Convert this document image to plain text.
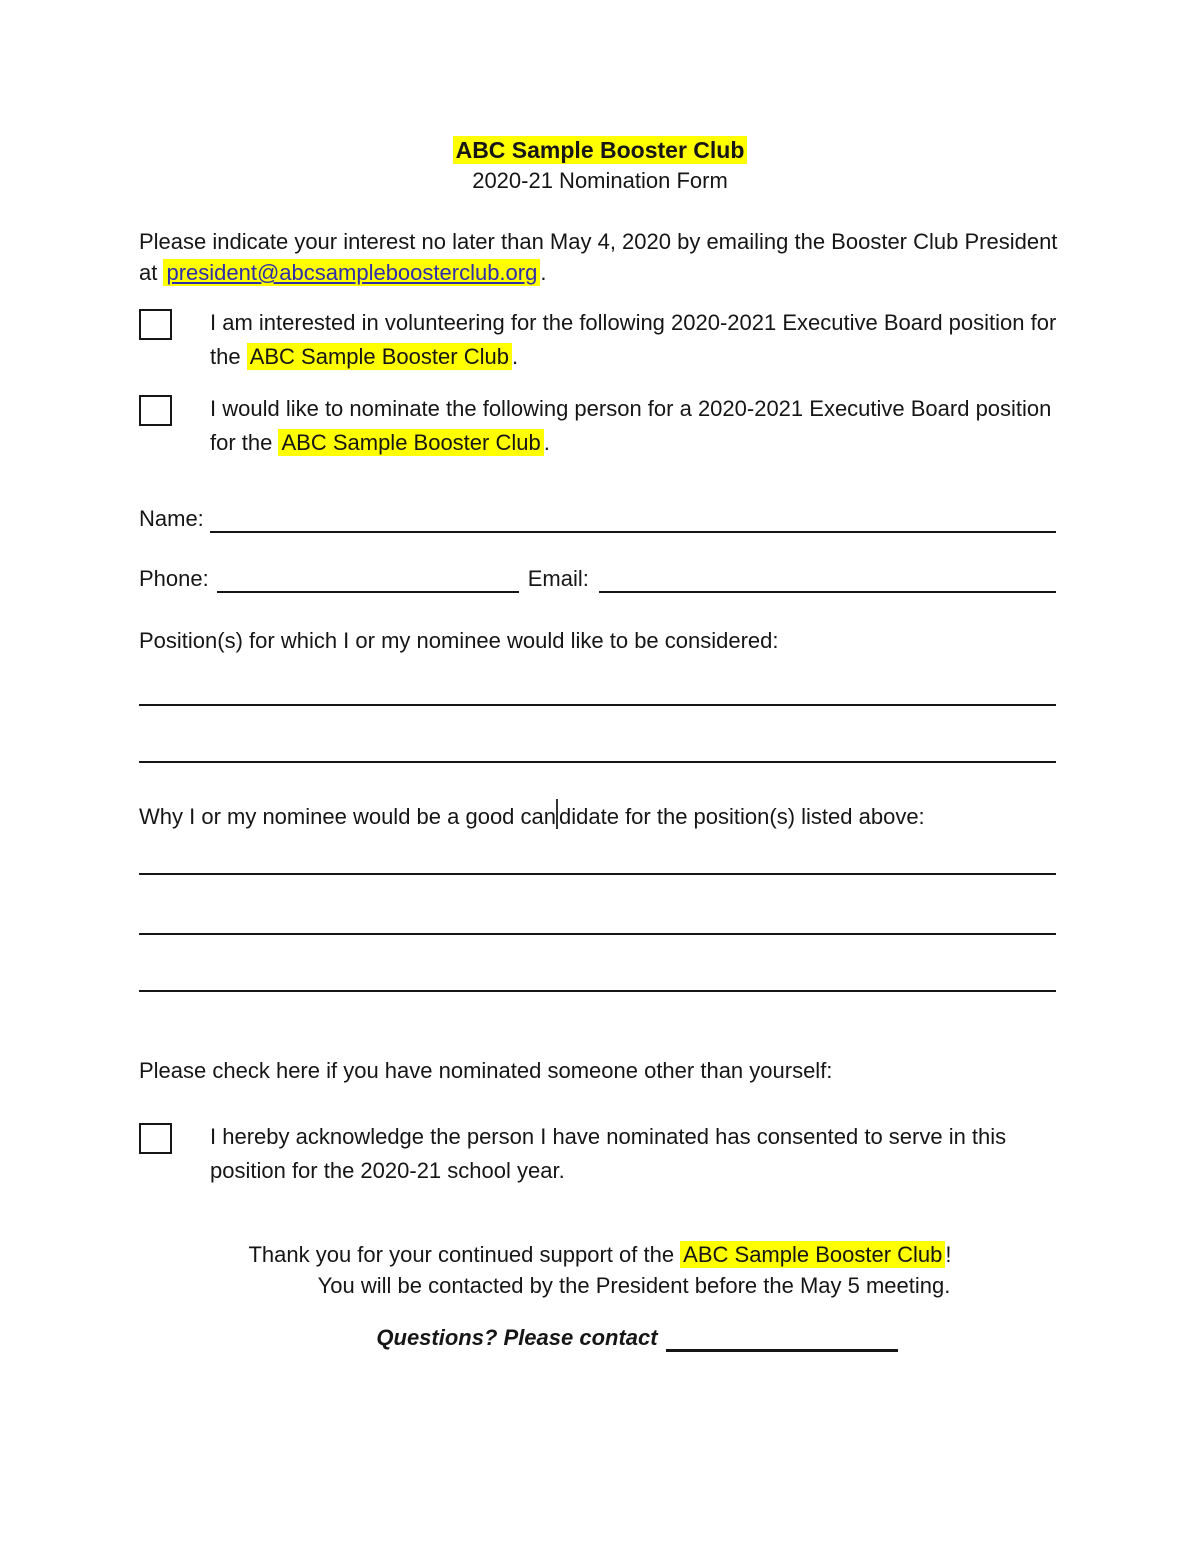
ABC Sample Booster Club
2020-21 Nomination Form
Please indicate your interest no later than May 4, 2020 by emailing the Booster Club President
at president@abcsampleboosterclub.org .
I am interested in volunteering for the following 2020-2021 Executive Board position for
the ABC Sample Booster Club .
I would like to nominate the following person for a 2020-2021 Executive Board position
for the ABC Sample Booster Club .
Name:
Phone:	Email:
Position(s) for which I or my nominee would like to be considered:
Why I or my nominee would be a good can didate for the position(s) listed above:
Please check here if you have nominated someone other than yourself:
I hereby acknowledge the person I have nominated has consented to serve in this
position for the 2020-21 school year.
Thank you for your continued support of the ABC Sample Booster Club !
You will be contacted by the President before the May 5 meeting.
Questions? Please contact
